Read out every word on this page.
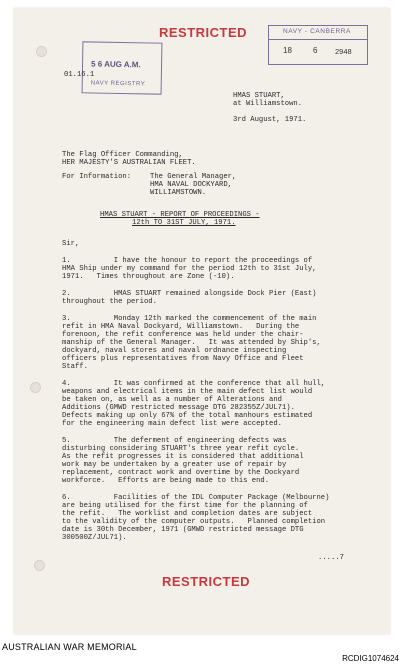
RESTRICTED
5 6 AUG A.M.
NAVY REGISTRY
NAVY - CANBERRA
18	6 2948
01.16.1
HMAS STUART,
at Williamstown.
3rd August, 1971.
The Flag Officer Commanding,
HER MAJESTY'S AUSTRALIAN FLEET.
For Information:	The General Manager,
HMA NAVAL DOCKYARD,
WILLIAMSTOWN.
HMAS STUART - REPORT OF PROCEEDINGS -
12th TO 31ST JULY, 1971.
Sir,
1.          I have the honour to report the proceedings of
HMA Ship under my command for the period 12th to 31st July,
1971.   Times throughout are Zone (-10).
2.          HMAS STUART remained alongside Dock Pier (East)
throughout the period.
3.          Monday 12th marked the commencement of the main
refit in HMA Naval Dockyard, Williamstown.   During the
forenoon, the refit conference was held under the chair-
manship of the General Manager.   It was attended by Ship's,
dockyard, naval stores and naval ordnance inspecting
officers plus representatives from Navy Office and Fleet
Staff.
4.          It was confirmed at the conference that all hull,
weapons and electrical items in the main defect list would
be taken on, as well as a number of Alterations and
Additions (GMWD restricted message DTG 282355Z/JUL71).
Defects making up only 67% of the total manhours estimated
for the engineering main defect list were accepted.
5.          The deferment of engineering defects was
disturbing considering STUART's three year refit cycle.
As the refit progresses it is considered that additional
work may be undertaken by a greater use of repair by
replacement, contract work and overtime by the Dockyard
workforce.   Efforts are being made to this end.
6.          Facilities of the IDL Computer Package (Melbourne)
are being utilised for the first time for the planning of
the refit.   The worklist and completion dates are subject
to the validity of the computer outputs.   Planned completion
date is 30th December, 1971 (GMWD restricted message DTG
300500Z/JUL71).
.....7
RESTRICTED
AUSTRALIAN WAR MEMORIAL
RCDIG1074624
